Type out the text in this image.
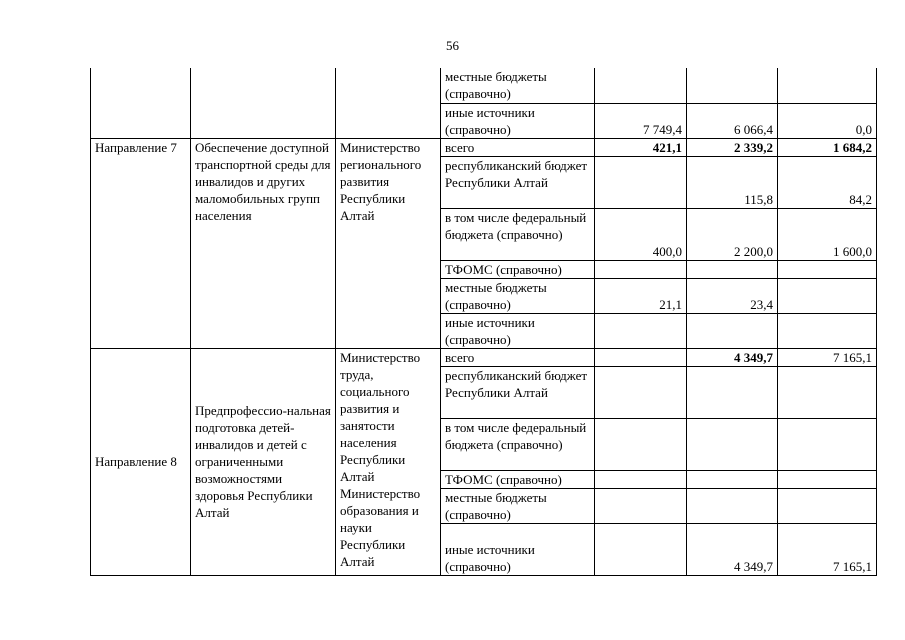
56
			местные бюджеты (справочно)			
			иные источники (справочно)	7 749,4	6 066,4	0,0
Направление 7	Обеспечение доступной транспортной среды для инвалидов и других маломобильных групп населения	Министерство регионального развития Республики Алтай	всего	421,1	2 339,2	1 684,2
			республиканский бюджет Республики Алтай		115,8	84,2
			в том числе федеральный бюджета (справочно)	400,0	2 200,0	1 600,0
			ТФОМС (справочно)			
			местные бюджеты (справочно)	21,1	23,4	
			иные источники (справочно)			
Направление 8	Предпрофессио-нальная подготовка детей-инвалидов и детей с ограниченными возможностями здоровья Республики Алтай	Министерство труда, социального развития и занятости населения Республики Алтай Министерство образования и науки Республики Алтай	всего		4 349,7	7 165,1
			республиканский бюджет Республики Алтай			
			в том числе федеральный бюджета (справочно)			
			ТФОМС (справочно)			
			местные бюджеты (справочно)			
			иные источники (справочно)		4 349,7	7 165,1
